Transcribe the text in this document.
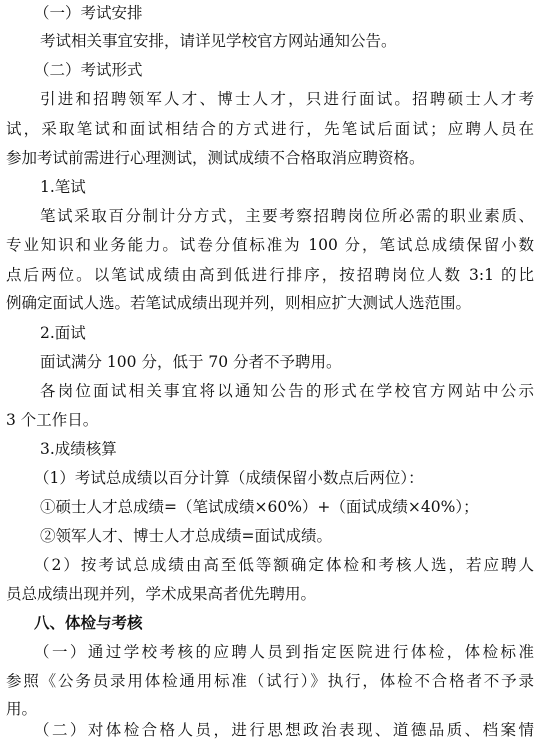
（一）考试安排
考试相关事宜安排，请详见学校官方网站通知公告。
（二）考试形式
引进和招聘领军人才、博士人才，只进行面试。招聘硕士人才考
试，采取笔试和面试相结合的方式进行，先笔试后面试；应聘人员在
参加考试前需进行心理测试，测试成绩不合格取消应聘资格。
1.笔试
笔试采取百分制计分方式，主要考察招聘岗位所必需的职业素质、
专业知识和业务能力。试卷分值标准为 100 分，笔试总成绩保留小数
点后两位。以笔试成绩由高到低进行排序，按招聘岗位人数 3:1 的比
例确定面试人选。若笔试成绩出现并列，则相应扩大测试人选范围。
2.面试
面试满分 100 分，低于 70 分者不予聘用。
各岗位面试相关事宜将以通知公告的形式在学校官方网站中公示
3 个工作日。
3.成绩核算
（1）考试总成绩以百分计算（成绩保留小数点后两位）：
①硕士人才总成绩=（笔试成绩×60%）+（面试成绩×40%）；
②领军人才、博士人才总成绩=面试成绩。
（2）按考试总成绩由高至低等额确定体检和考核人选，若应聘人
员总成绩出现并列，学术成果高者优先聘用。
八、体检与考核
（一）通过学校考核的应聘人员到指定医院进行体检，体检标准
参照《公务员录用体检通用标准（试行）》执行，体检不合格者不予录
用。
（二）对体检合格人员，进行思想政治表现、道德品质、档案情
